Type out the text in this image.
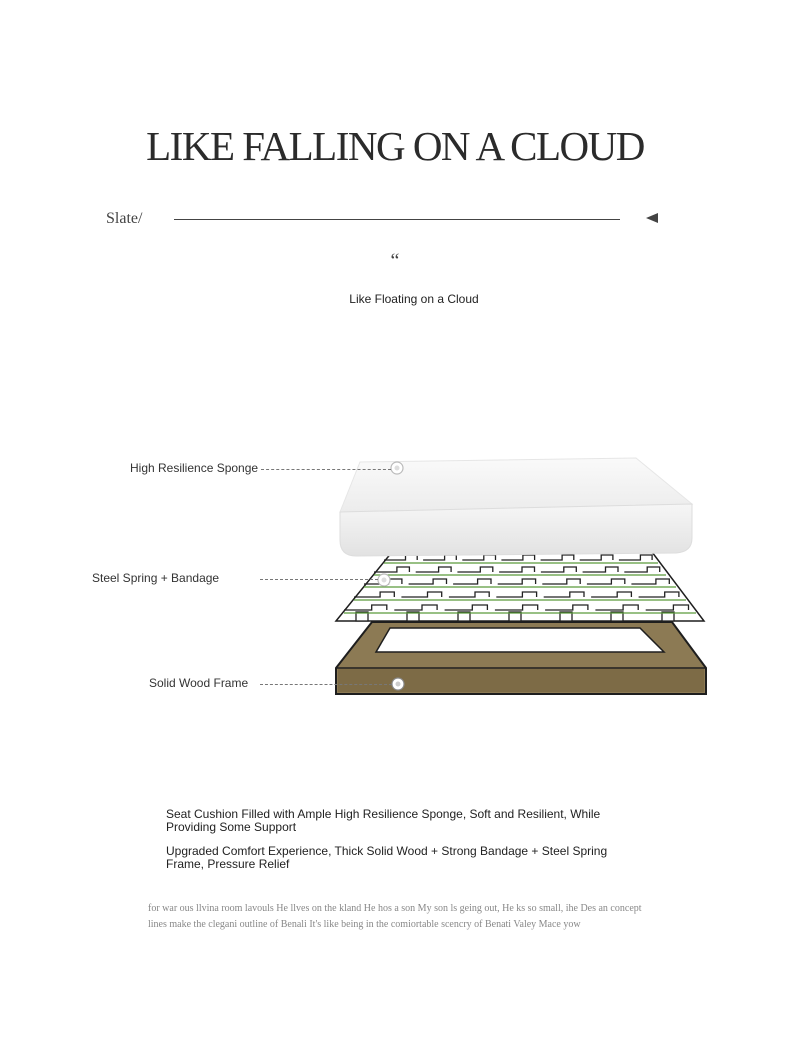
LIKE FALLING ON A CLOUD
Slate/
“
Like Floating on a Cloud
High Resilience Sponge
Steel Spring + Bandage
Solid Wood Frame
Seat Cushion Filled with Ample High Resilience Sponge, Soft and Resilient, While Providing Some Support
Upgraded Comfort Experience, Thick Solid Wood + Strong Bandage + Steel Spring Frame, Pressure Relief
for war ous llvina room lavouls He llves on the kland He hos a son My son ls geing out, He ks so small, ihe Des an concept lines make the clegani outline of Benali It's like being in the comiortable scencry of Benati Valey Mace yow
